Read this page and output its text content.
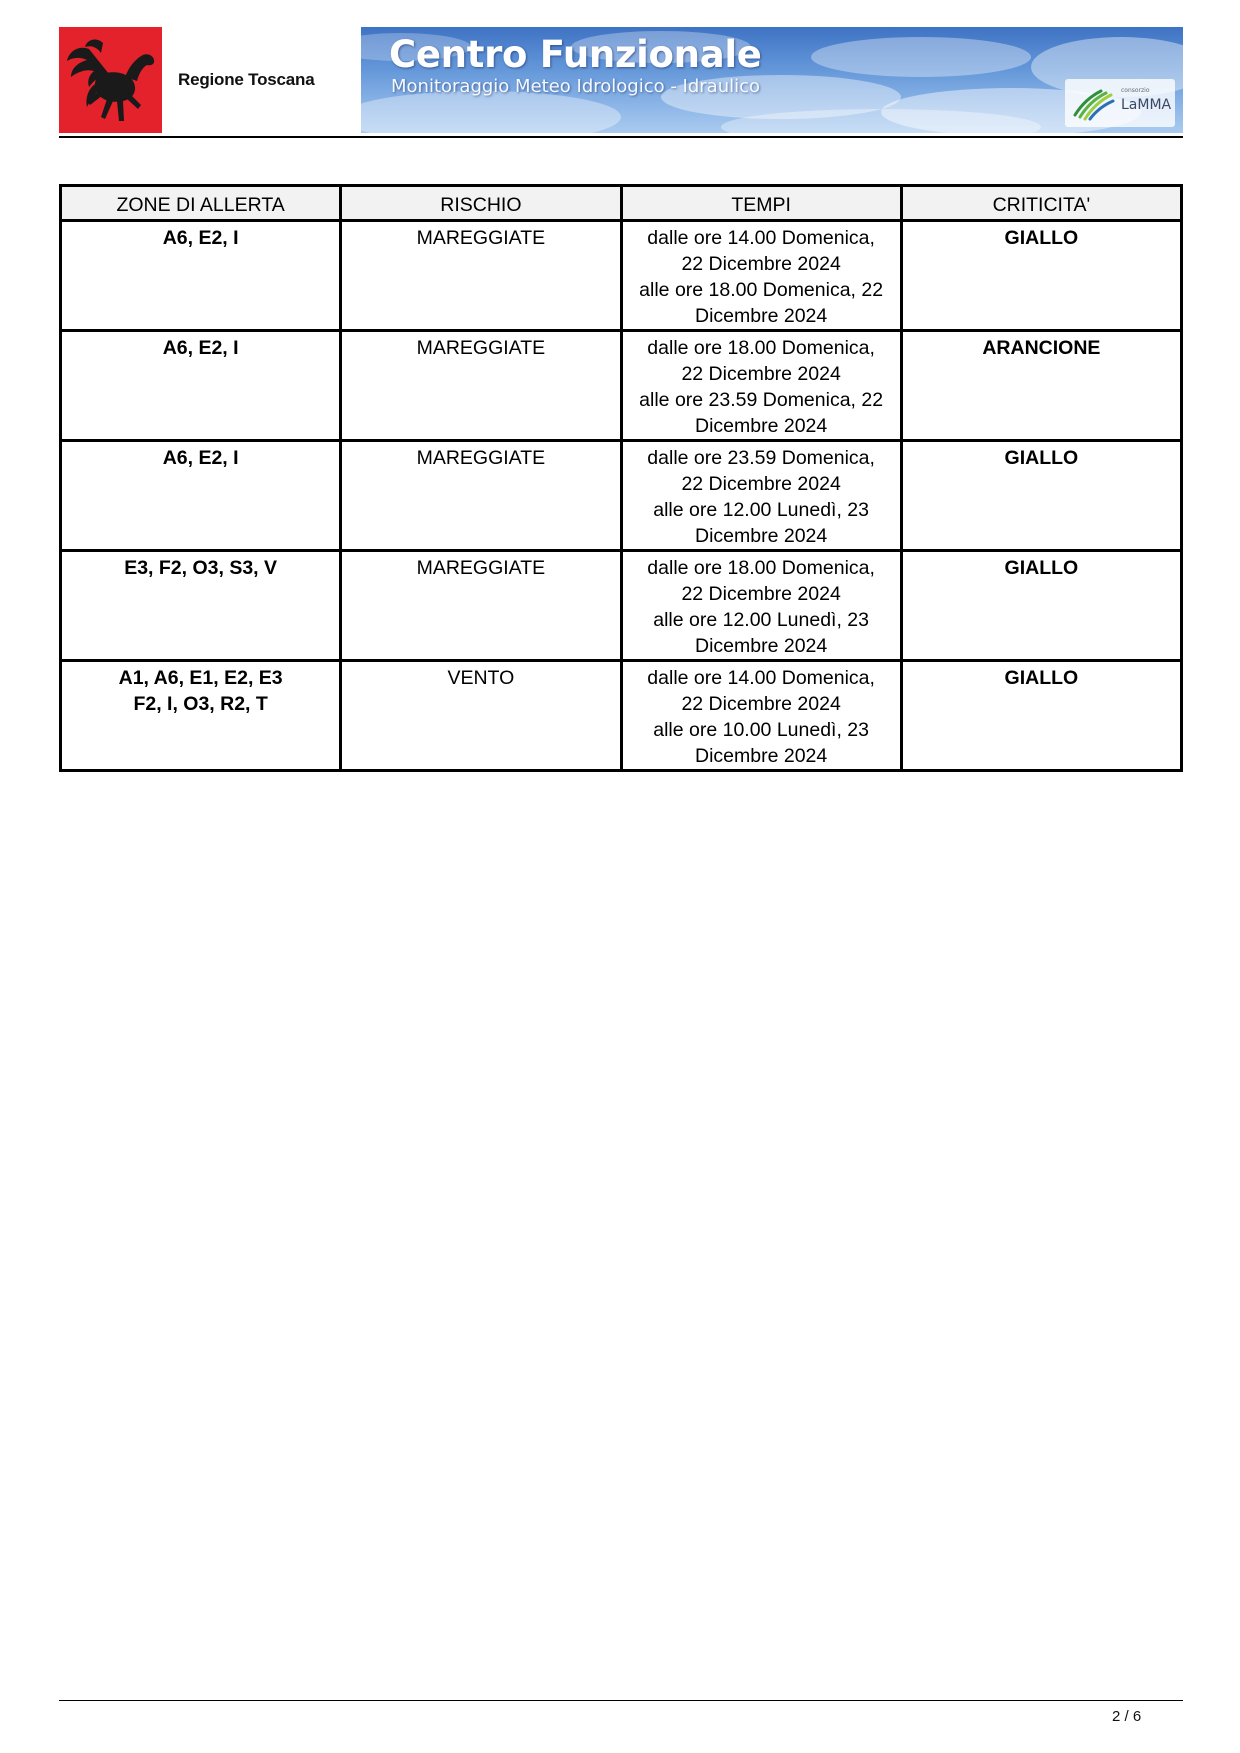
Regione Toscana
Centro Funzionale
Monitoraggio Meteo Idrologico - Idraulico	consorzio
LaMMA
ZONE DI ALLERTA	RISCHIO	TEMPI	CRITICITA'

A6, E2, I	MAREGGIATE	dalle ore 14.00 Domenica,
22 Dicembre 2024
alle ore 18.00 Domenica, 22
Dicembre 2024	GIALLO

A6, E2, I	MAREGGIATE	dalle ore 18.00 Domenica,
22 Dicembre 2024
alle ore 23.59 Domenica, 22
Dicembre 2024	ARANCIONE

A6, E2, I	MAREGGIATE	dalle ore 23.59 Domenica,
22 Dicembre 2024
alle ore 12.00 Lunedì, 23
Dicembre 2024	GIALLO

E3, F2, O3, S3, V	MAREGGIATE	dalle ore 18.00 Domenica,
22 Dicembre 2024
alle ore 12.00 Lunedì, 23
Dicembre 2024	GIALLO

A1, A6, E1, E2, E3
F2, I, O3, R2, T	VENTO	dalle ore 14.00 Domenica,
22 Dicembre 2024
alle ore 10.00 Lunedì, 23
Dicembre 2024	GIALLO
2 / 6
